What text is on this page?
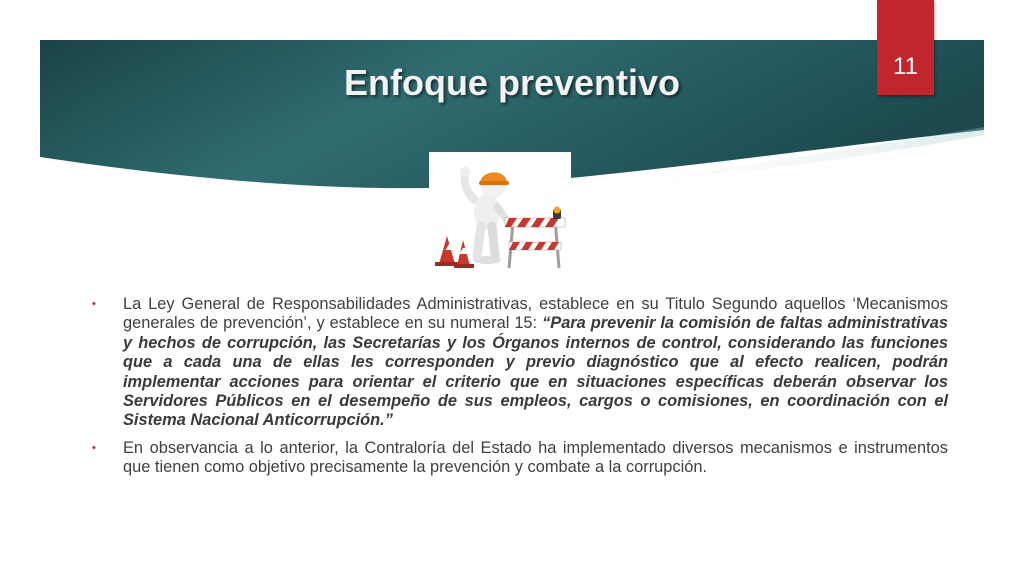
Enfoque preventivo	11
• La Ley General de Responsabilidades Administrativas, establece en su Titulo Segundo aquellos ‘Mecanismos generales de prevención’, y establece en su numeral 15: “Para prevenir la comisión de faltas administrativas y hechos de corrupción, las Secretarías y los Órganos internos de control, considerando las funciones que a cada una de ellas les corresponden y previo diagnóstico que al efecto realicen, podrán implementar acciones para orientar el criterio que en situaciones específicas deberán observar los Servidores Públicos en el desempeño de sus empleos, cargos o comisiones, en coordinación con el Sistema Nacional Anticorrupción.”
• En observancia a lo anterior, la Contraloría del Estado ha implementado diversos mecanismos e instrumentos que tienen como objetivo precisamente la prevención y combate a la corrupción.
